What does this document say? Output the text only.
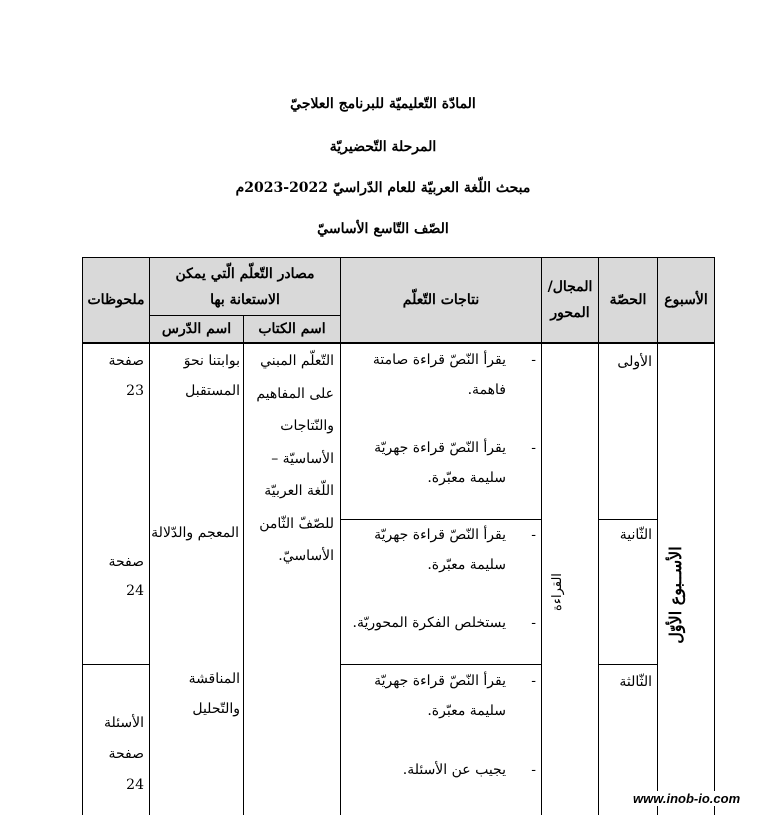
المادّة التّعليميّة للبرنامج العلاجيّ
المرحلة التّحضيريّة
مبحث اللّغة العربيّة للعام الدّراسيّ 2022-2023م
الصّف التّاسع الأساسيّ
الأسبوع
الحصّة
المجال/ المحور
نتاجات التّعلّم
مصادر التّعلّم الّتي يمكن الاستعانة بها
اسم الكتاب
اسم الدّرس
ملحوظات
الأســبوع الأوّل
القراءة
الأولى
الثّانية
الثّالثة
-
يقرأ النّصّ قراءة صامتة
فاهمة.
-
يقرأ النّصّ قراءة جهريّة
سليمة معبّرة.
-
يقرأ النّصّ قراءة جهريّة
سليمة معبّرة.
-
يستخلص الفكرة المحوريّة.
-
يقرأ النّصّ قراءة جهريّة
سليمة معبّرة.
-
يجيب عن الأسئلة.
التّعلّم المبني
على المفاهيم
والنّتاجات
الأساسيّة –
اللّغة العربيّة
للصّفّ الثّامن
الأساسيّ.
بوابتنا نحوَ
المستقبل
المعجم والدّلالة
المناقشة
والتّحليل
صفحة
23
صفحة
24
الأسئلة
صفحة
24
www.inob-io.com
